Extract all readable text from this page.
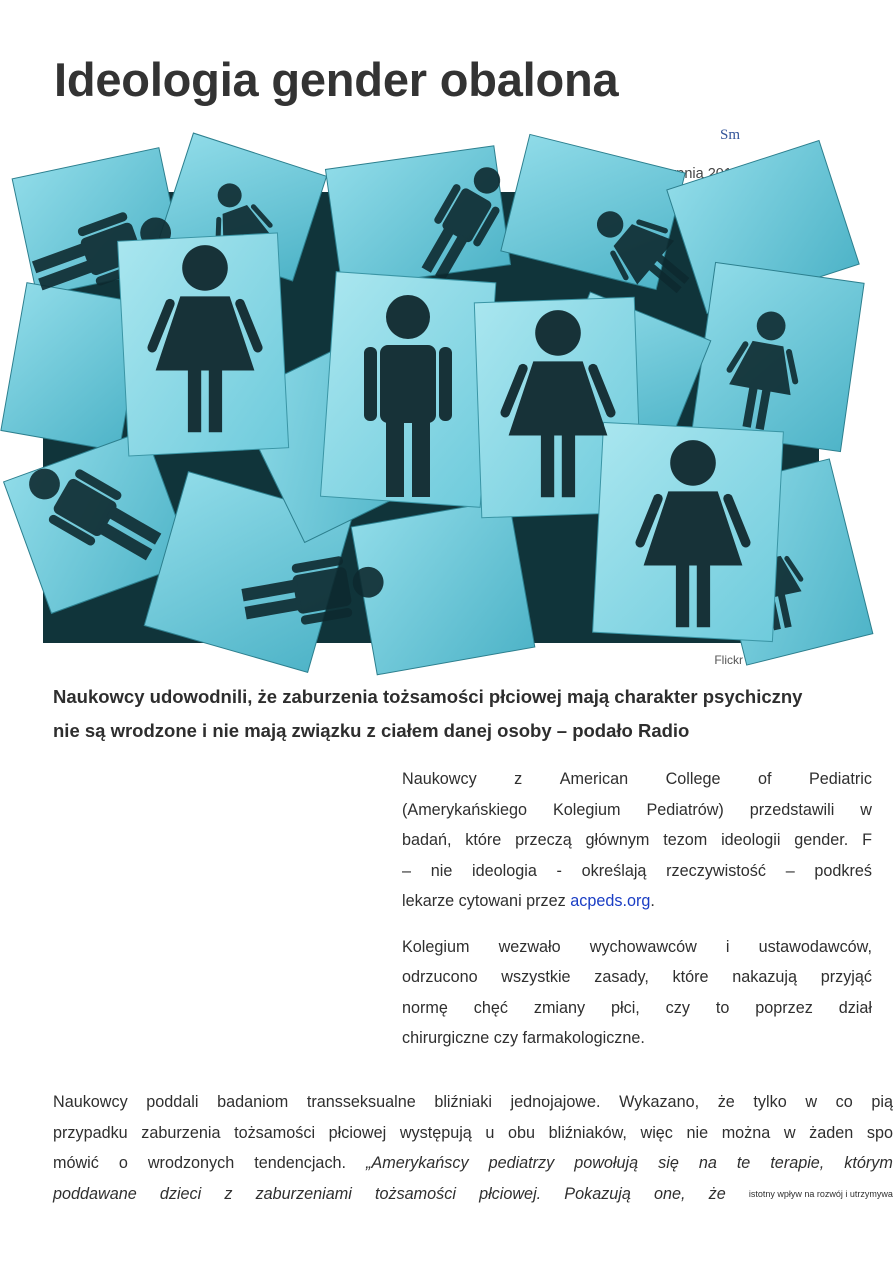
Ideologia gender obalona
Sm
Flickr
Naukowcy udowodnili, że zaburzenia tożsamości płciowej mają charakter psychiczny
nie są wrodzone i nie mają związku z ciałem danej osoby – podało Radio
Naukowcy z American College of Pediatric
(Amerykańskiego Kolegium Pediatrów) przedstawili w
badań, które przeczą głównym tezom ideologii gender. F
– nie ideologia - określają rzeczywistość – podkreś
lekarze cytowani przez acpeds.org .
Kolegium wezwało wychowawców i ustawodawców,
odrzucono wszystkie zasady, które nakazują przyjąć
normę chęć zmiany płci, czy to poprzez dział
chirurgiczne czy farmakologiczne.
Naukowcy poddali badaniom transseksualne bliźniaki jednojajowe. Wykazano, że tylko w co pią
przypadku zaburzenia tożsamości płciowej występują u obu bliźniaków, więc nie można w żaden spo
mówić o wrodzonych tendencjach. „Amerykańscy pediatrzy powołują się na te terapie, którym
poddawane dzieci z zaburzeniami tożsamości płciowej. Pokazują one, że	istotny wpływ na rozwój i utrzymywa
